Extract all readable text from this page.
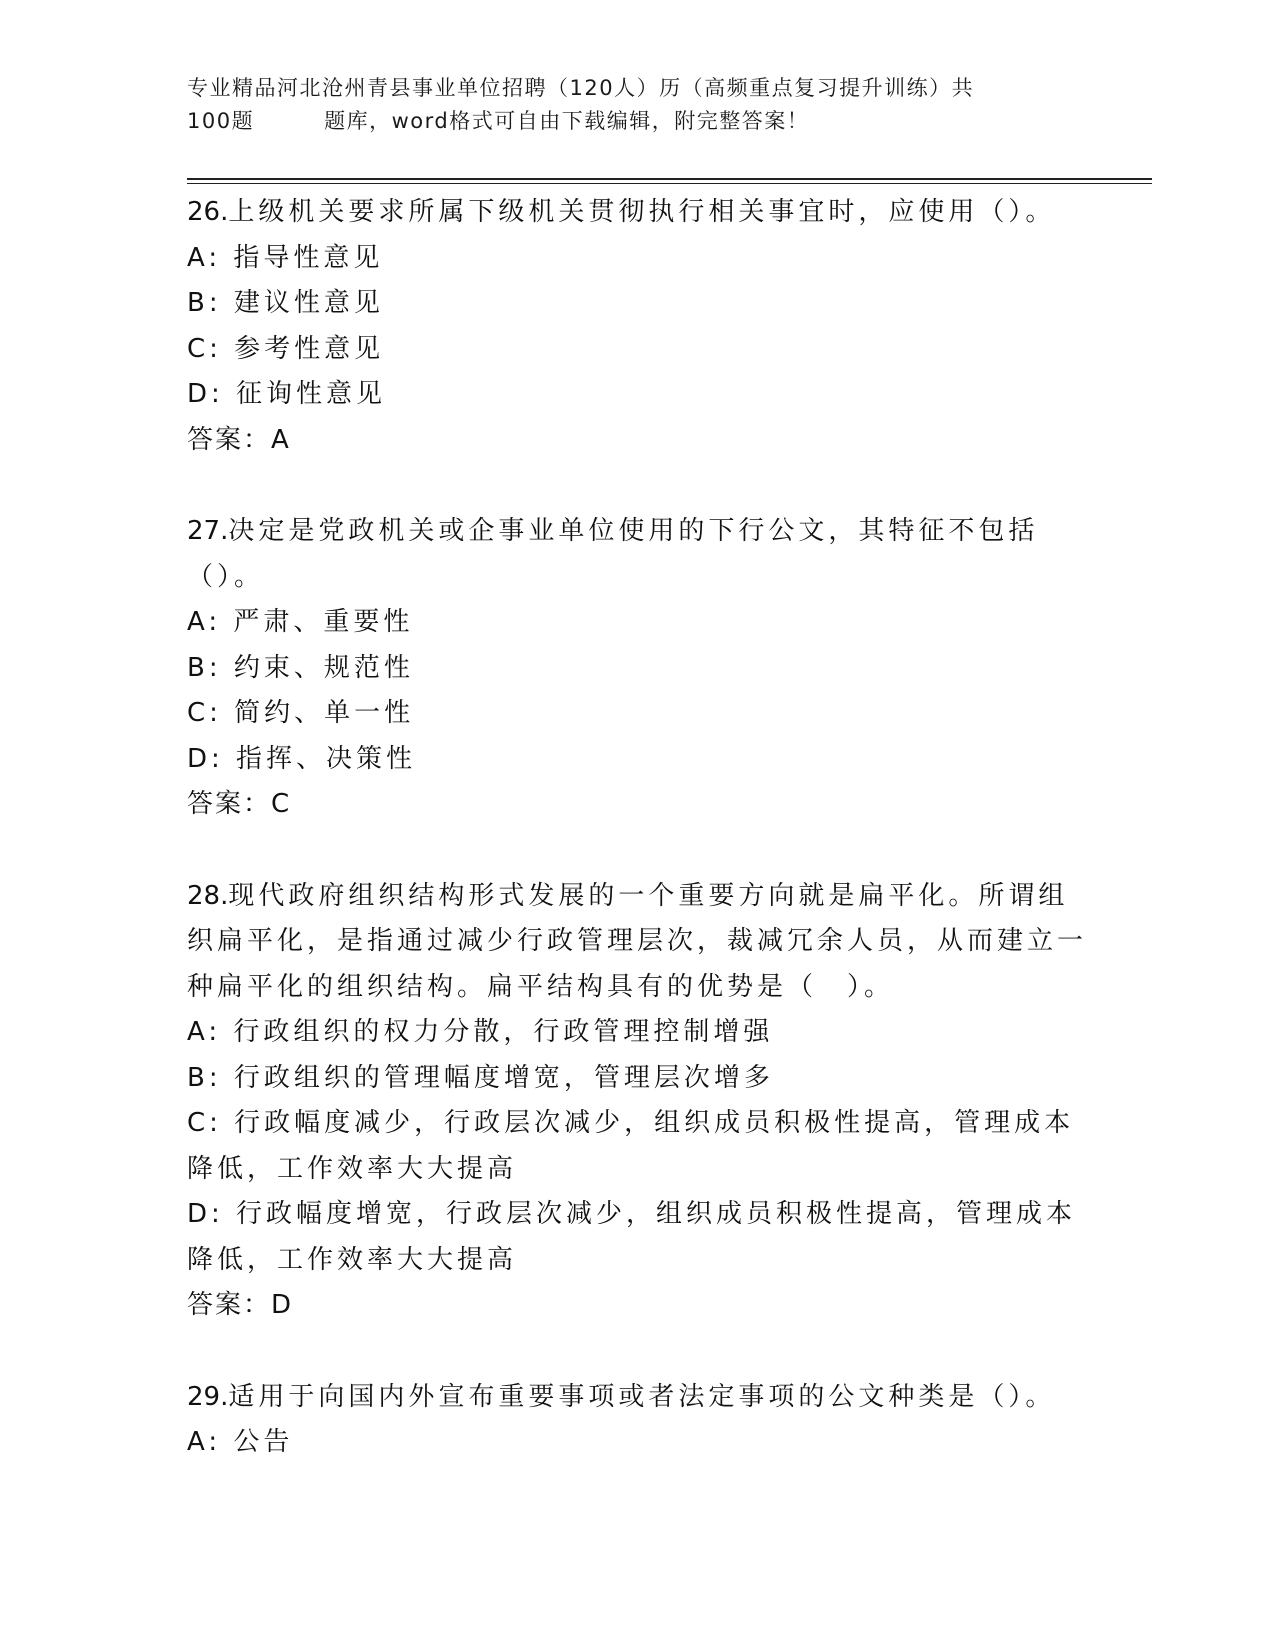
专业精品河北沧州青县事业单位招聘（120人）历（高频重点复习提升训练）共
100题	题库，word格式可自由下载编辑，附完整答案！

26.上级机关要求所属下级机关贯彻执行相关事宜时，应使用（）。

A: 指导性意见

B: 建议性意见

C: 参考性意见

D: 征询性意见

答案：A

27.决定是党政机关或企事业单位使用的下行公文，其特征不包括（）。

A: 严肃、重要性

B: 约束、规范性

C: 简约、单一性

D: 指挥、决策性

答案：C

28.现代政府组织结构形式发展的一个重要方向就是扁平化。所谓组织扁平化，是指通过减少行政管理层次，裁减冗余人员，从而建立一种扁平化的组织结构。扁平结构具有的优势是（　）。

A: 行政组织的权力分散，行政管理控制增强

B: 行政组织的管理幅度增宽，管理层次增多

C: 行政幅度减少，行政层次减少，组织成员积极性提高，管理成本降低，工作效率大大提高

D: 行政幅度增宽，行政层次减少，组织成员积极性提高，管理成本降低，工作效率大大提高

答案：D

29.适用于向国内外宣布重要事项或者法定事项的公文种类是（）。

A: 公告
